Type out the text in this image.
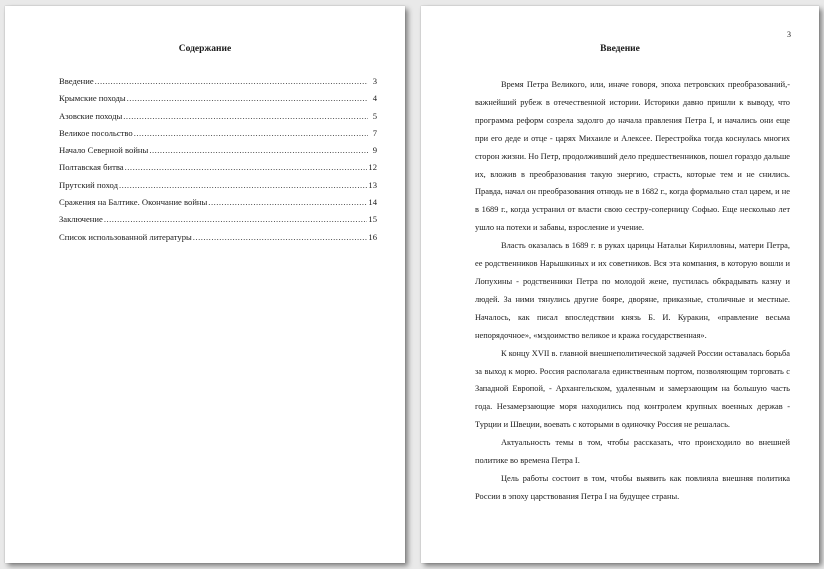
Содержание
Введение .....	3
Крымские походы .....	4
Азовские походы .....	5
Великое посольство .....	7
Начало Северной войны .....	9
Полтавская битва .....	12
Прутский поход .....	13
Сражения на Балтике. Окончание войны .....	14
Заключение .....	15
Список использованной литературы .....	16
3
Введение

Время Петра Великого, или, иначе говоря, эпоха петровских преобразований,- важнейший рубеж в отечественной истории. Историки давно пришли к выводу, что программа реформ созрела задолго до начала правления Петра I, и начались они еще при его деде и отце - царях Михаиле и Алексее. Перестройка тогда коснулась многих сторон жизни. Но Петр, продолживший дело предшественников, пошел гораздо дальше их, вложив в преобразования такую энергию, страсть, которые тем и не снились. Правда, начал он преобразования отнюдь не в 1682 г., когда формально стал царем, и не в 1689 г., когда устранил от власти свою сестру-соперницу Софью. Еще несколько лет ушло на потехи и забавы, взросление и учение.

Власть оказалась в 1689 г. в руках царицы Натальи Кирилловны, матери Петра, ее родственников Нарышкиных и их советников. Вся эта компания, в которую вошли и Лопухины - родственники Петра по молодой жене, пустилась обкрадывать казну и людей. За ними тянулись другие бояре, дворяне, приказные, столичные и местные. Началось, как писал впоследствии князь Б. И. Куракин, «правление весьма непорядочное», «мздоимство великое и кража государственная».

К концу XVII в. главной внешнеполитической задачей России оставалась борьба за выход к морю. Россия располагала единственным портом, позволяющим торговать с Западной Европой, - Архангельском, удаленным и замерзающим на большую часть года. Незамерзающие моря находились под контролем крупных военных держав - Турции и Швеции, воевать с которыми в одиночку Россия не решалась.

Актуальность темы в том, чтобы рассказать, что происходило во внешней политике во времена Петра I.

Цель работы состоит в том, чтобы выявить как повлияла внешняя политика России в эпоху царствования Петра I на будущее страны.
